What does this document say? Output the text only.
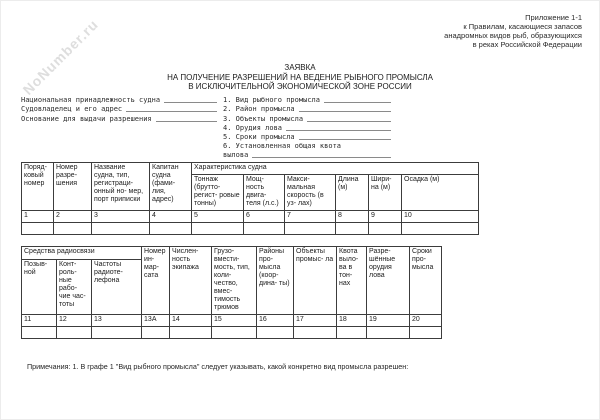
NoNumber.ru	Приложение 1-1
к Правилам, касающиеся запасов
анадромных видов рыб, образующихся
в реках Российской Федерации
ЗАЯВКА
НА ПОЛУЧЕНИЕ РАЗРЕШЕНИЙ НА ВЕДЕНИЕ РЫБНОГО ПРОМЫСЛА
В ИСКЛЮЧИТЕЛЬНОЙ ЭКОНОМИЧЕСКОЙ ЗОНЕ РОССИИ
Национальная принадлежность судна
Судовладелец и его адрес
Основание для выдачи разрешения
1. Вид рыбного промысла
2. Район промысла
3. Объекты промысла
4. Орудия лова
5. Сроки промысла
6. Установленная общая квота
вылова
Поряд- ковый номер	Номер разре- шения	Название судна, тип, регистраци- онный но- мер, порт приписки	Капитан судна (фами- лия, адрес)	Характеристика судна					
				Тоннаж (брутто- регист- ровые тонны)	Мощ- ность двига- теля (л.с.)	Макси- мальная скорость (в уз- лах)	Длина (м)	Шири- на (м)	Осадка (м)
1	2	3	4	5	6	7	8	9	10

Средства радиосвязи			Номер ин- мар- сата	Числен- ность экипажа	Грузо- вмести- мость, тип, коли- чество, вмес- тимость трюмов	Районы про- мысла (коор- дина- ты)	Объекты промыс- ла	Квота выло- ва в тон- нах	Разре- шённые орудия лова	Сроки про- мысла
Позыв- ной	Конт- роль- ные рабо- чие час- тоты	Частоты радиоте- лефона								
11	12	13	13А	14	15	16	17	18	19	20

Примечания: 1. В графе 1 "Вид рыбного промысла" следует указывать, какой конкретно вид промысла разрешен:
